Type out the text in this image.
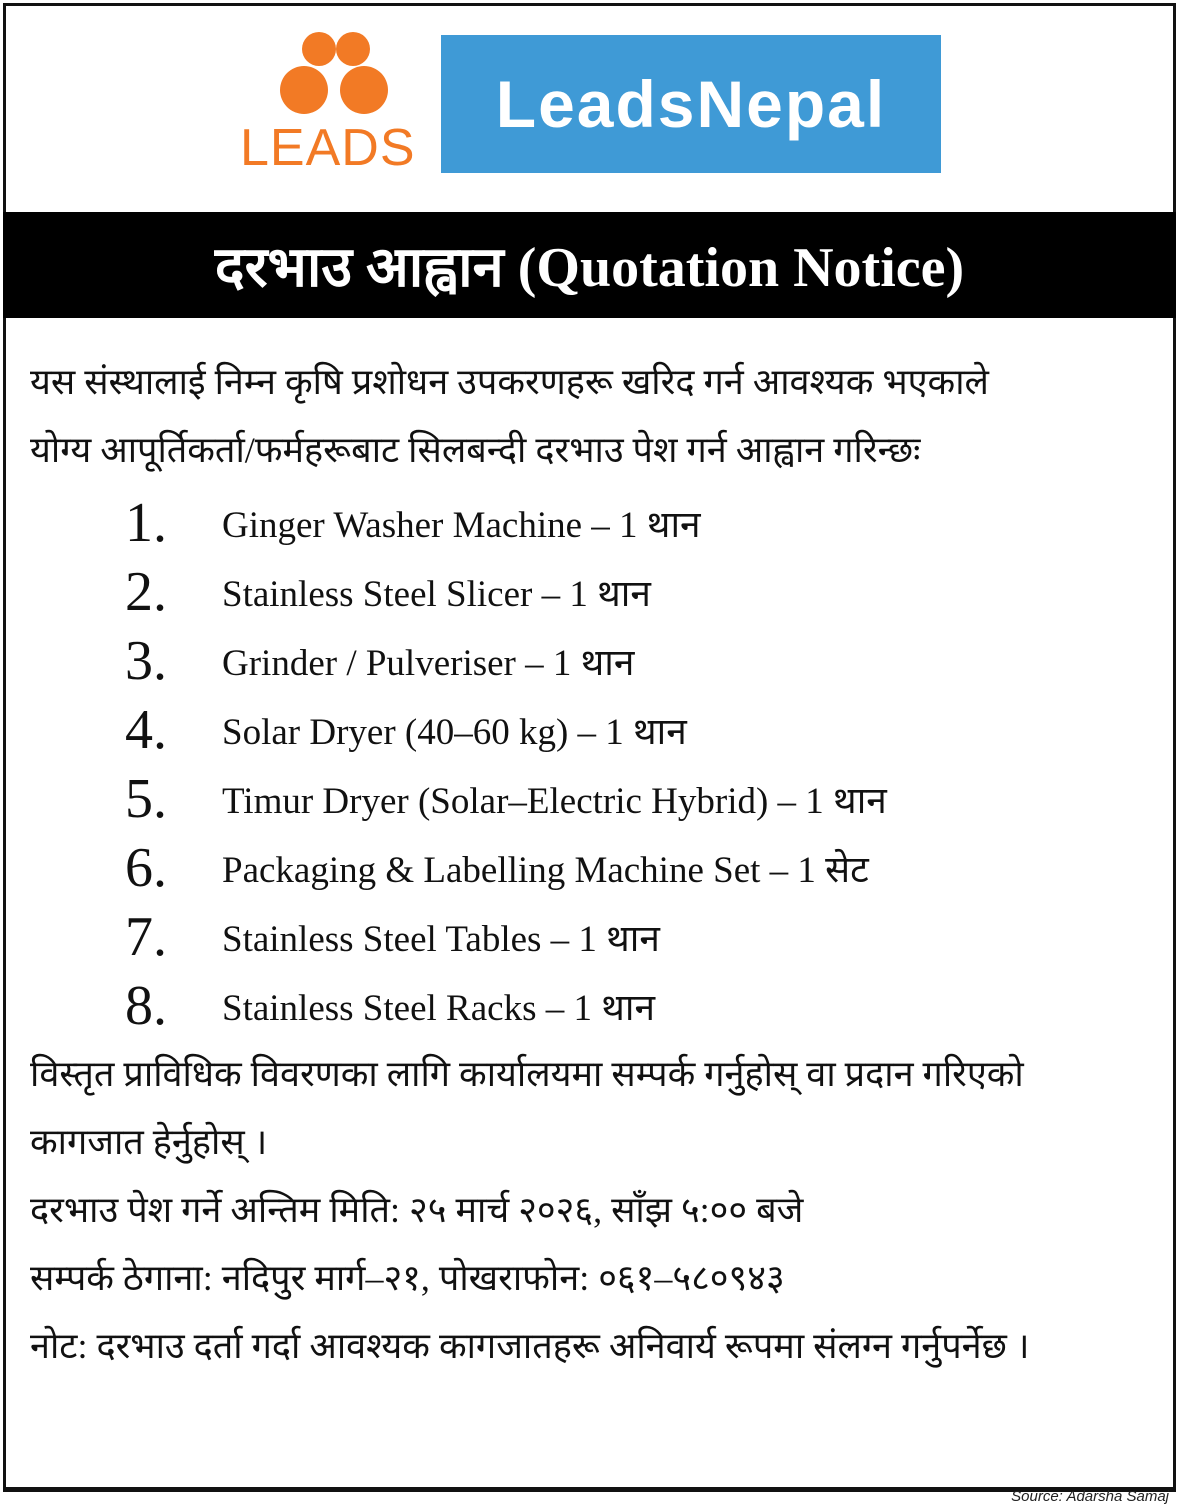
LEADS
LeadsNepal
दरभाउ आह्वान (Quotation Notice)
यस संस्थालाई निम्न कृषि प्रशोधन उपकरणहरू खरिद गर्न आवश्यक भएकाले
योग्य आपूर्तिकर्ता/फर्महरूबाट सिलबन्दी दरभाउ पेश गर्न आह्वान गरिन्छः
1.	Ginger Washer Machine – 1 थान
2.	Stainless Steel Slicer – 1 थान
3.	Grinder / Pulveriser – 1 थान
4.	Solar Dryer (40–60 kg) – 1 थान
5.	Timur Dryer (Solar–Electric Hybrid) – 1 थान
6.	Packaging & Labelling Machine Set – 1 सेट
7.	Stainless Steel Tables – 1 थान
8.	Stainless Steel Racks – 1 थान
विस्तृत प्राविधिक विवरणका लागि कार्यालयमा सम्पर्क गर्नुहोस् वा प्रदान गरिएको
कागजात हेर्नुहोस् ।
दरभाउ पेश गर्ने अन्तिम मिति: २५ मार्च २०२६, साँझ ५:०० बजे
सम्पर्क ठेगाना: नदिपुर मार्ग–२१, पोखराफोन: ०६१–५८०९४३
नोट: दरभाउ दर्ता गर्दा आवश्यक कागजातहरू अनिवार्य रूपमा संलग्न गर्नुपर्नेछ ।
Source: Adarsha Samaj
